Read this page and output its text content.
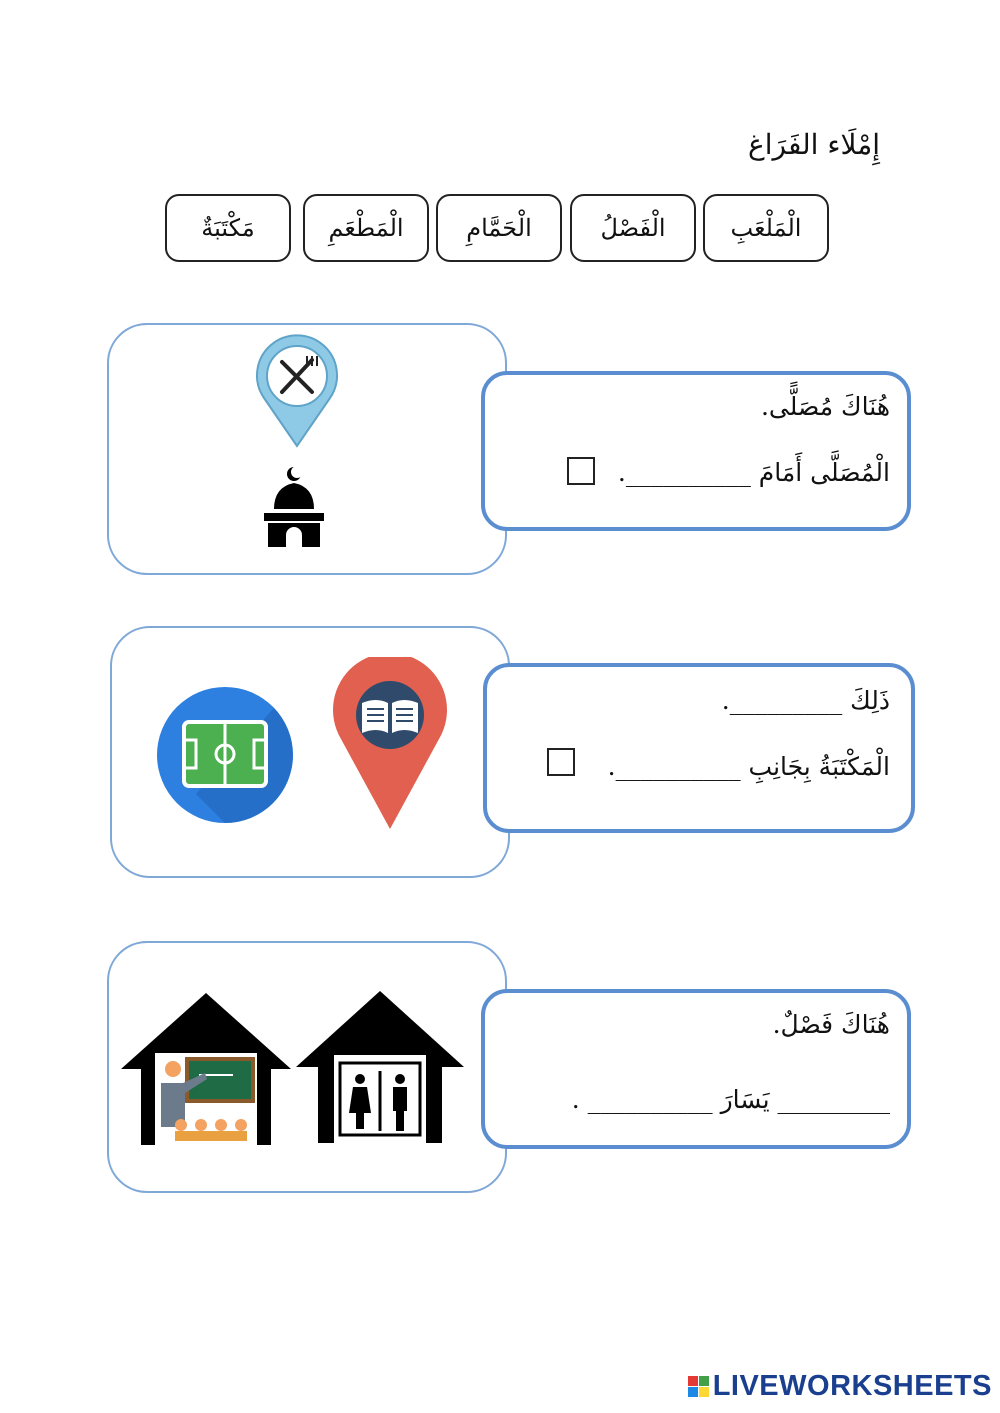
إِمْلَاء الفَرَاغ
الْمَلْعَبِ
الْفَصْلُ
الْحَمَّامِ
الْمَطْعَمِ
مَكْتَبَةٌ
هُنَاكَ مُصَلًّى.
الْمُصَلَّى أَمَامَ __________.
ذَلِكَ _________.
الْمَكْتَبَةُ بِجَانِبِ __________.
هُنَاكَ فَصْلٌ.
_________ يَسَارَ __________ .
LIVEWORKSHEETS
